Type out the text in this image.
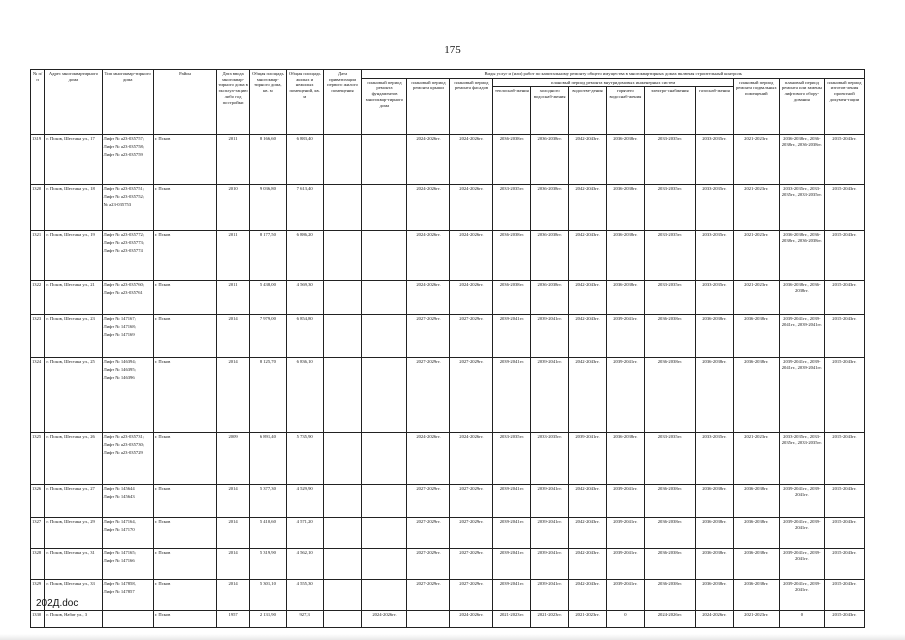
175
№ п/п	Адрес многоквартирного дома	Тип многоквар-тирного дома	Район	Дата ввода многоквар-тирного дома в эксплуа-тацию либо год постройки	Общая площадь многоквар-тирного дома, кв. м	Общая площадь жилых и нежилых помещений, кв. м	Дата приватизации первого жилого помещения	Виды услуг и (или) работ по капитальному ремонту общего имущества в многоквартирных домах включая строительный контроль											
								плановый период ремонта фундаментов многоквар-тирного дома	плановый период ремонта крыши	плановый период ремонта фасадов	плановый период ремонта внутридомовых инженерных систем						плановый период ремонта подвальных помещений	плановый период ремонта или замены лифтового обору-дования	плановый период изготов-ления проектной докумен-тации
											теплоснаб-жения	холодного водоснаб-жения	водоотве-дения	горячего водоснаб-жения	электро-снабжения	газоснаб-жения			
1319	г. Псков, Шестака ул., 17	Лифт № а23-035757;
Лифт № а23-035758;
Лифт № а23-035759	г. Псков	2011	8 166,60	6 883,40			2024-2026гг.	2024-2026гг.	2036-2038гг.	2036-2038гг.	2042-2043гг.	2036-2038гг.	2033-2035гг.	2033-2035гг.	2021-2023гг.	2036-2038гг., 2036-2038гг., 2036-2038гг.	2015-2043гг.
1320	г. Псков, Шестака ул., 18	Лифт № а23-035751;
Лифт № а23-035752;
№ а23-035753	г. Псков	2010	9 036,80	7 613,40			2024-2026гг.	2024-2026гг.	2033-2035гг.	2036-2038гг.	2042-2043гг.	2036-2038гг.	2033-2035гг.	2033-2035гг.	2021-2023гг.	2033-2035гг., 2033-2035гг., 2033-2035гг.	2015-2043гг.
1321	г. Псков, Шестака ул., 19	Лифт № а23-035772;
Лифт № а23-035773;
Лифт № а23-035774	г. Псков	2011	8 177,50	6 886,20			2024-2026гг.	2024-2026гг.	2036-2038гг.	2036-2038гг.	2042-2043гг.	2036-2038гг.	2033-2035гг.	2033-2035гг.	2021-2023гг.	2036-2038гг., 2036-2038гг., 2036-2038гг.	2015-2043гг.
1322	г. Псков, Шестака ул., 21	Лифт № а23-035760;
Лифт № а23-035761	г. Псков	2011	5 438,00	4 569,30			2024-2026гг.	2024-2026гг.	2036-2038гг.	2036-2038гг.	2042-2043гг.	2036-2038гг.	2033-2035гг.	2033-2035гг.	2021-2023гг.	2036-2038гг., 2036-2038гг.	2015-2043гг.
1323	г. Псков, Шестака ул., 23	Лифт № 147167;
Лифт № 147168;
Лифт № 147169	г. Псков	2014	7 979,00	6 854,80			2027-2029гг.	2027-2029гг.	2039-2041гг.	2039-2041гг.	2042-2043гг.	2039-2041гг.	2036-2038гг.	2036-2038гг.	2036-2038гг.	2039-2041гг., 2039-2041гг., 2039-2041гг.	2015-2043гг.
1324	г. Псков, Шестака ул., 25	Лифт № 146394;
Лифт № 146395;
Лифт № 146396	г. Псков	2014	8 125,70	6 836,10			2027-2029гг.	2027-2029гг.	2039-2041гг.	2039-2041гг.	2042-2043гг.	2039-2041гг.	2036-2038гг.	2036-2038гг.	2036-2038гг.	2039-2041гг., 2039-2041гг., 2039-2041гг.	2015-2043гг.
1325	г. Псков, Шестака ул., 26	Лифт № а23-035731;
Лифт № а23-035730;
Лифт № а23-035729	г. Псков	2009	6 891,40	5 735,90			2024-2026гг.	2024-2026гг.	2033-2035гг.	2033-2035гг.	2039-2041гг.	2036-2038гг.	2033-2035гг.	2033-2035гг.	2021-2023гг.	2033-2035гг., 2033-2035гг., 2033-2035гг.	2015-2043гг.
1326	г. Псков, Шестака ул., 27	Лифт № 145644
Лифт № 145643	г. Псков	2014	5 377,30	4 529,90			2027-2029гг.	2027-2029гг.	2039-2041гг.	2039-2041гг.	2042-2043гг.	2039-2041гг.	2036-2038гг.	2036-2038гг.	2036-2038гг.	2039-2041гг., 2039-2041гг.	2015-2043гг.
1327	г. Псков, Шестака ул., 29	Лифт № 147164,
Лифт № 147170	г. Псков	2014	5 410,60	4 571,20			2027-2029гг.	2027-2029гг.	2039-2041гг.	2039-2041гг.	2042-2043гг.	2039-2041гг.	2036-2038гг.	2036-2038гг.	2036-2038гг.	2039-2041гг., 2039-2041гг.	2015-2043гг.
1328	г. Псков, Шестака ул., 31	Лифт № 147165;
Лифт № 147166	г. Псков	2014	5 319,90	4 562,10			2027-2029гг.	2027-2029гг.	2039-2041гг.	2039-2041гг.	2042-2043гг.	2039-2041гг.	2036-2038гг.	2036-2038гг.	2036-2038гг.	2039-2041гг., 2039-2041гг.	2015-2043гг.
1329	г. Псков, Шестака ул., 33	Лифт № 147858,
Лифт № 147857	г. Псков	2014	5 301,10	4 555,30			2027-2029гг.	2027-2029гг.	2039-2041гг.	2039-2041гг.	2042-2043гг.	2039-2041гг.	2036-2038гг.	2036-2038гг.	2036-2038гг.	2039-2041гг., 2039-2041гг.	2015-2043гг.
1330	г. Псков, Набат ул., 3		г. Псков	1957	2 131,90	927,3		2024-2026гг.		2024-2026гг.	2021-2023гг.	2021-2023гг.	2021-2023гг.	0	2024-2026гг.	2024-2026гг.	2021-2023гг.	0	2015-2043гг.
202Д.doc
